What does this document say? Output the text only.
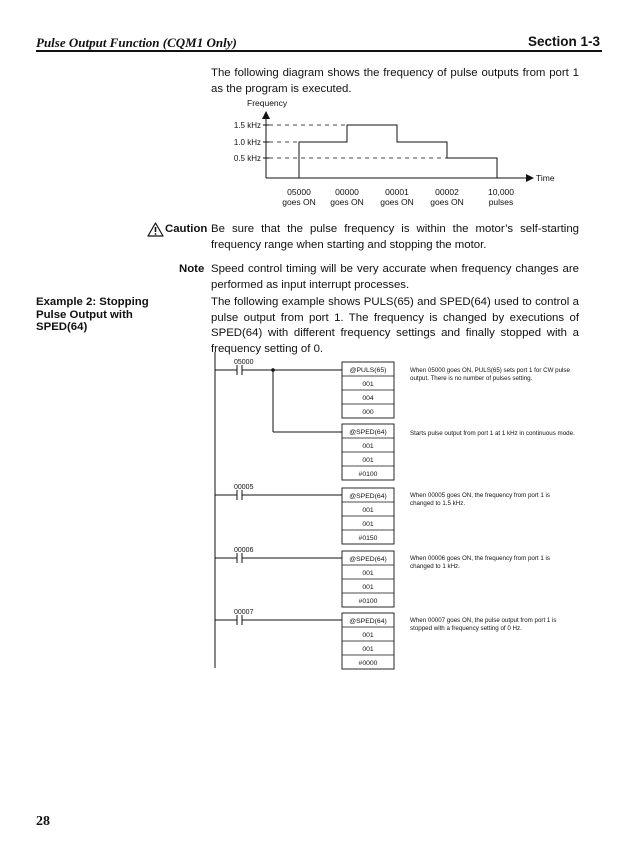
Pulse Output Function (CQM1 Only)	Section 1-3
The following diagram shows the frequency of pulse outputs from port 1 as the program is executed.
Frequency
Time
1.5 kHz
1.0 kHz
0.5 kHz
05000
goes ON
00000
goes ON
00001
goes ON
00002
goes ON
10,000
pulses
Caution Be sure that the pulse frequency is within the motor’s self-starting frequency range when starting and stopping the motor.
Note Speed control timing will be very accurate when frequency changes are performed as input interrupt processes.
Example 2: Stopping
Pulse Output with
SPED(64)
The following example shows PULS(65) and SPED(64) used to control a pulse output from port 1. The frequency is changed by executions of SPED(64) with different frequency settings and finally stopped with a frequency setting of 0.
05000
@PULS(65)
001
004
000
When 05000 goes ON, PULS(65) sets port 1 for CW pulse
output. There is no number of pulses setting.
@SPED(64)
001
001
#0100
Starts pulse output from port 1 at 1 kHz in continuous mode.
00005
@SPED(64)
001
001
#0150
When 00005 goes ON, the frequency from port 1 is
changed to 1.5 kHz.
00006
@SPED(64)
001
001
#0100
When 00006 goes ON, the frequency from port 1 is
changed to 1 kHz.
00007
@SPED(64)
001
001
#0000
When 00007 goes ON, the pulse output from port 1 is
stopped with a frequency setting of 0 Hz.
28
